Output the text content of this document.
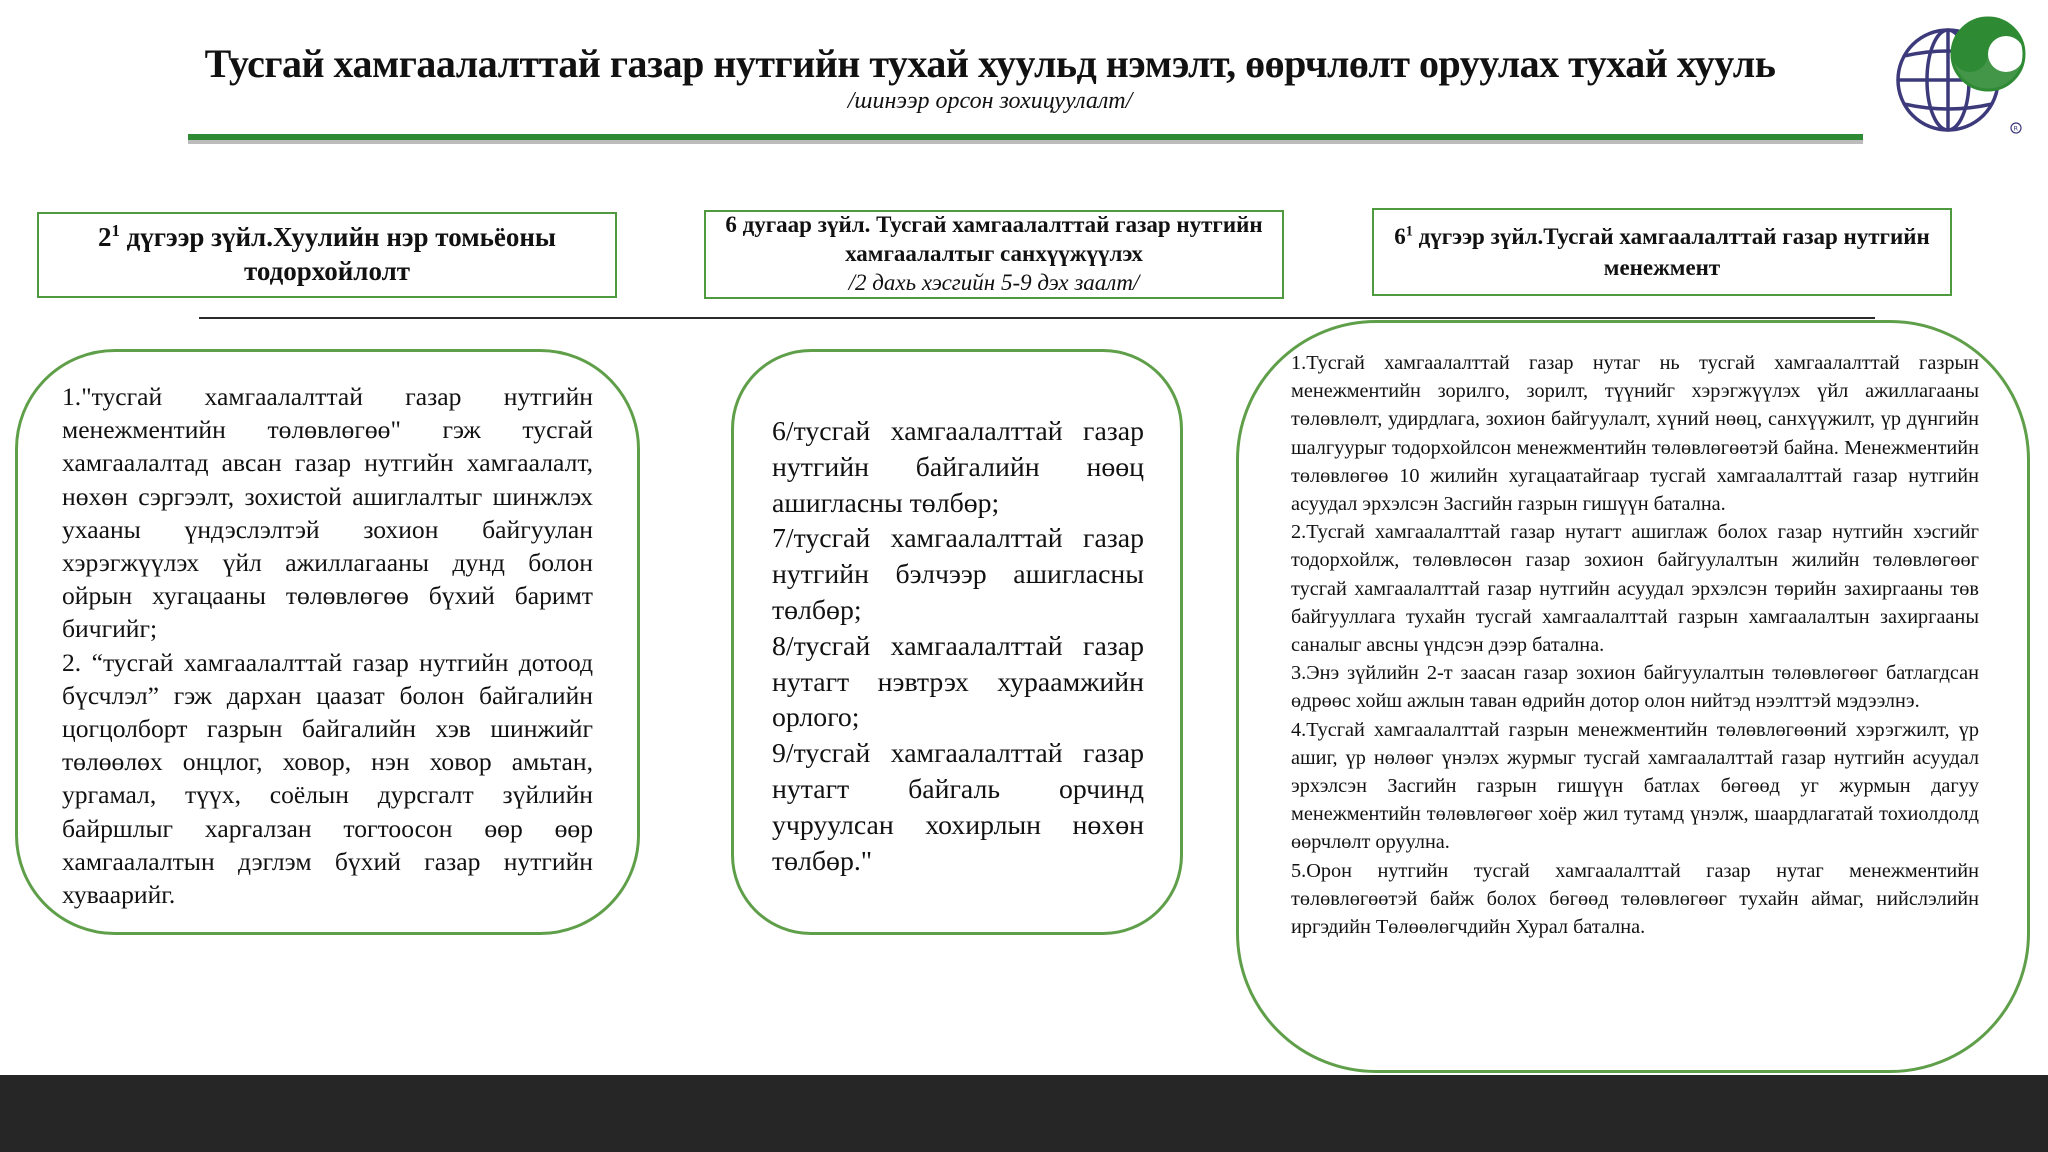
Тусгай хамгаалалттай газар нутгийн тухай хуульд нэмэлт, өөрчлөлт оруулах тухай хууль
/шинээр орсон зохицуулалт/
R
$2^1$ дүгээр зүйл.Хуулийн нэр томьёоны тодорхойлолт
6 дугаар зүйл. Тусгай хамгаалалттай газар нутгийн хамгаалалтыг санхүүжүүлэх
/2 дахь хэсгийн 5-9 дэх заалт/
$6^1$ дүгээр зүйл.Тусгай хамгаалалттай газар нутгийн менежмент

1."тусгай хамгаалалттай газар нутгийн менежментийн төлөвлөгөө" гэж тусгай хамгаалалтад авсан газар нутгийн хамгаалалт, нөхөн сэргээлт, зохистой ашиглалтыг шинжлэх ухааны үндэслэлтэй зохион байгуулан хэрэгжүүлэх үйл ажиллагааны дунд болон ойрын хугацааны төлөвлөгөө бүхий баримт бичгийг;

2. “тусгай хамгаалалттай газар нутгийн дотоод бүсчлэл” гэж дархан цаазат болон байгалийн цогцолборт газрын байгалийн хэв шинжийг төлөөлөх онцлог, ховор, нэн ховор амьтан, ургамал, түүх, соёлын дурсгалт зүйлийн байршлыг харгалзан тогтоосон өөр өөр хамгаалалтын дэглэм бүхий газар нутгийн хуваарийг.

6/тусгай хамгаалалттай газар нутгийн байгалийн нөөц ашигласны төлбөр;

7/тусгай хамгаалалттай газар нутгийн бэлчээр ашигласны төлбөр;

8/тусгай хамгаалалттай газар нутагт нэвтрэх хураамжийн орлого;

9/тусгай хамгаалалттай газар нутагт байгаль орчинд учруулсан хохирлын нөхөн төлбөр."

1.Тусгай хамгаалалттай газар нутаг нь тусгай хамгаалалттай газрын менежментийн зорилго, зорилт, түүнийг хэрэгжүүлэх үйл ажиллагааны төлөвлөлт, удирдлага, зохион байгуулалт, хүний нөөц, санхүүжилт, үр дүнгийн шалгуурыг тодорхойлсон менежментийн төлөвлөгөөтэй байна. Менежментийн төлөвлөгөө 10 жилийн хугацаатайгаар тусгай хамгаалалттай газар нутгийн асуудал эрхэлсэн Засгийн газрын гишүүн батална.

2.Тусгай хамгаалалттай газар нутагт ашиглаж болох газар нутгийн хэсгийг тодорхойлж, төлөвлөсөн газар зохион байгуулалтын жилийн төлөвлөгөөг тусгай хамгаалалттай газар нутгийн асуудал эрхэлсэн төрийн захиргааны төв байгууллага тухайн тусгай хамгаалалттай газрын хамгаалалтын захиргааны саналыг авсны үндсэн дээр батална.

3.Энэ зүйлийн 2-т заасан газар зохион байгуулалтын төлөвлөгөөг батлагдсан өдрөөс хойш ажлын таван өдрийн дотор олон нийтэд нээлттэй мэдээлнэ.

4.Тусгай хамгаалалттай газрын менежментийн төлөвлөгөөний хэрэгжилт, үр ашиг, үр нөлөөг үнэлэх журмыг тусгай хамгаалалттай газар нутгийн асуудал эрхэлсэн Засгийн газрын гишүүн батлах бөгөөд уг журмын дагуу менежментийн төлөвлөгөөг хоёр жил тутамд үнэлж, шаардлагатай тохиолдолд өөрчлөлт оруулна.

5.Орон нутгийн тусгай хамгаалалттай газар нутаг менежментийн төлөвлөгөөтэй байж болох бөгөөд төлөвлөгөөг тухайн аймаг, нийслэлийн иргэдийн Төлөөлөгчдийн Хурал батална.
